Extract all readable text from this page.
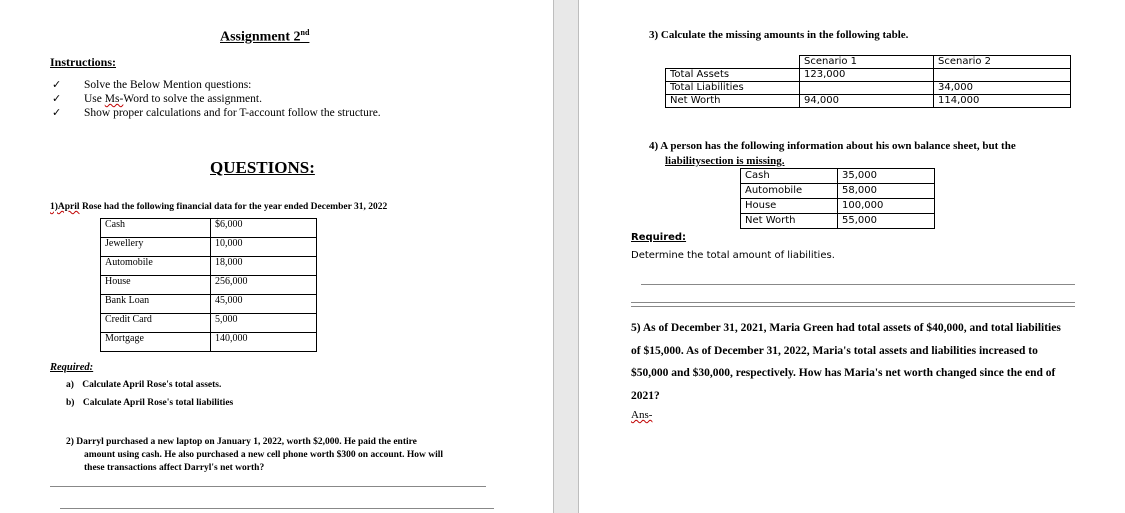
Assignment 2nd
Instructions:
✓
✓
✓
Solve the Below Mention questions:
Use Ms-Word to solve the assignment.
Show proper calculations and for T-account follow the structure.
QUESTIONS:
1)April Rose had the following financial data for the year ended December 31, 2022
Cash	$6,000
Jewellery	10,000
Automobile	18,000
House	256,000
Bank Loan	45,000
Credit Card	5,000
Mortgage	140,000
Required:
a) Calculate April Rose's total assets.
b) Calculate April Rose's total liabilities
2) Darryl purchased a new laptop on January 1, 2022, worth $2,000. He paid the entire
amount using cash. He also purchased a new cell phone worth $300 on account. How will
these transactions affect Darryl's net worth?
3) Calculate the missing amounts in the following table.
	Scenario 1	Scenario 2
Total Assets	123,000	
Total Liabilities		34,000
Net Worth	94,000	114,000
4) A person has the following information about his own balance sheet, but the
liabilitysection is missing.
Cash	35,000
Automobile	58,000
House	100,000
Net Worth	55,000
Required:
Determine the total amount of liabilities.
5) As of December 31, 2021, Maria Green had total assets of $40,000, and total liabilities of $15,000. As of December 31, 2022, Maria's total assets and liabilities increased to $50,000 and $30,000, respectively. How has Maria's net worth changed since the end of 2021?
Ans-
